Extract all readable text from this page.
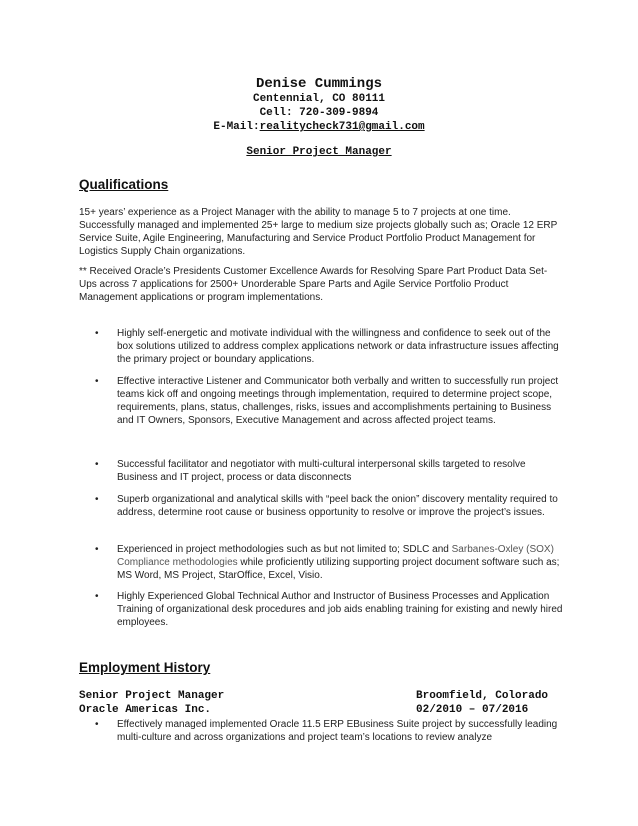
Denise Cummings
Centennial, CO 80111
Cell: 720-309-9894
E-Mail:realitycheck731@gmail.com
Senior Project Manager
Qualifications
15+ years’ experience as a Project Manager with the ability to manage 5 to 7 projects at one time. Successfully managed and implemented 25+ large to medium size projects globally such as; Oracle 12 ERP Service Suite, Agile Engineering, Manufacturing and Service Product Portfolio Product Management for Logistics Supply Chain organizations.
** Received Oracle’s Presidents Customer Excellence Awards for Resolving Spare Part Product Data Set-Ups across 7 applications for 2500+ Unorderable Spare Parts and Agile Service Portfolio Product Management applications or program implementations.
• Highly self-energetic and motivate individual with the willingness and confidence to seek out of the box solutions utilized to address complex applications network or data infrastructure issues affecting the primary project or boundary applications.
• Effective interactive Listener and Communicator both verbally and written to successfully run project teams kick off and ongoing meetings through implementation, required to determine project scope, requirements, plans, status, challenges, risks, issues and accomplishments pertaining to Business and IT Owners, Sponsors, Executive Management and across affected project teams.
• Successful facilitator and negotiator with multi-cultural interpersonal skills targeted to resolve Business and IT project, process or data disconnects
• Superb organizational and analytical skills with “peel back the onion” discovery mentality required to address, determine root cause or business opportunity to resolve or improve the project’s issues.
• Experienced in project methodologies such as but not limited to; SDLC and Sarbanes-Oxley (SOX) Compliance methodologies while proficiently utilizing supporting project document software such as; MS Word, MS Project, StarOffice, Excel, Visio.
• Highly Experienced Global Technical Author and Instructor of Business Processes and Application Training of organizational desk procedures and job aids enabling training for existing and newly hired employees.
Employment History
Senior Project Manager	Broomfield, Colorado
Oracle Americas Inc.	02/2010 – 07/2016
• Effectively managed implemented Oracle 11.5 ERP EBusiness Suite project by successfully leading multi-culture and across organizations and project team’s locations to review analyze
